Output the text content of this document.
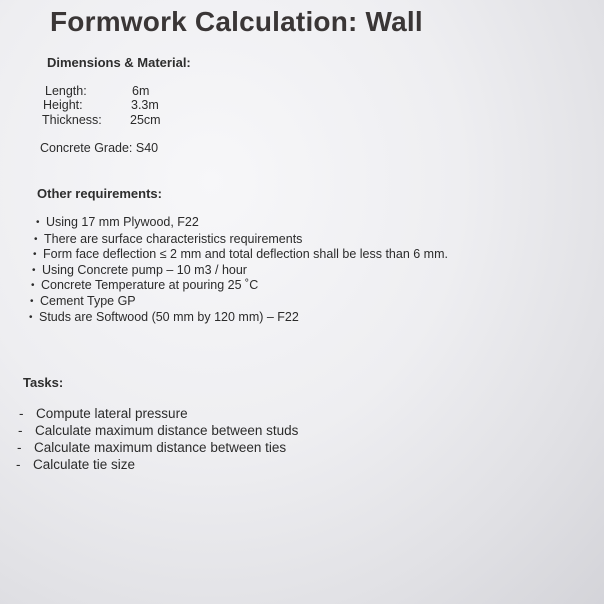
Formwork Calculation: Wall
Dimensions & Material:
Length:	6m
Height:	3.3m
Thickness: 25cm
Concrete Grade: S40
Other requirements:
• Using 17 mm Plywood, F22
• There are surface characteristics requirements
• Form face deflection ≤ 2 mm and total deflection shall be less than 6 mm.
• Using Concrete pump – 10 m3 / hour
• Concrete Temperature at pouring 25 ˚C
• Cement Type GP
• Studs are Softwood (50 mm by 120 mm) – F22
Tasks:
- Compute lateral pressure
- Calculate maximum distance between studs
- Calculate maximum distance between ties
- Calculate tie size
